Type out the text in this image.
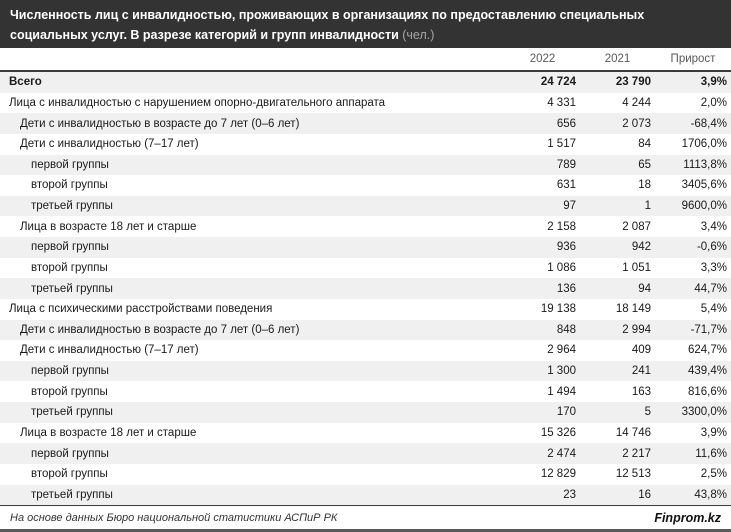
Численность лиц с инвалидностью, проживающих в организациях по предоставлению специальных социальных услуг. В разрезе категорий и групп инвалидности (чел.)
2022	2021	Прирост
Всего	24 724	23 790	3,9%
Лица с инвалидностью с нарушением опорно-двигательного аппарата	4 331	4 244	2,0%
Дети с инвалидностью в возрасте до 7 лет (0–6 лет)	656	2 073	-68,4%
Дети с инвалидностью (7–17 лет)	1 517	84	1706,0%
первой группы	789	65	1113,8%
второй группы	631	18	3405,6%
третьей группы	97	1	9600,0%
Лица в возрасте 18 лет и старше	2 158	2 087	3,4%
первой группы	936	942	-0,6%
второй группы	1 086	1 051	3,3%
третьей группы	136	94	44,7%
Лица с психическими расстройствами поведения	19 138	18 149	5,4%
Дети с инвалидностью в возрасте до 7 лет (0–6 лет)	848	2 994	-71,7%
Дети с инвалидностью (7–17 лет)	2 964	409	624,7%
первой группы	1 300	241	439,4%
второй группы	1 494	163	816,6%
третьей группы	170	5	3300,0%
Лица в возрасте 18 лет и старше	15 326	14 746	3,9%
первой группы	2 474	2 217	11,6%
второй группы	12 829	12 513	2,5%
третьей группы	23	16	43,8%
На основе данных Бюро национальной статистики АСПиР РК	Finprom.kz
